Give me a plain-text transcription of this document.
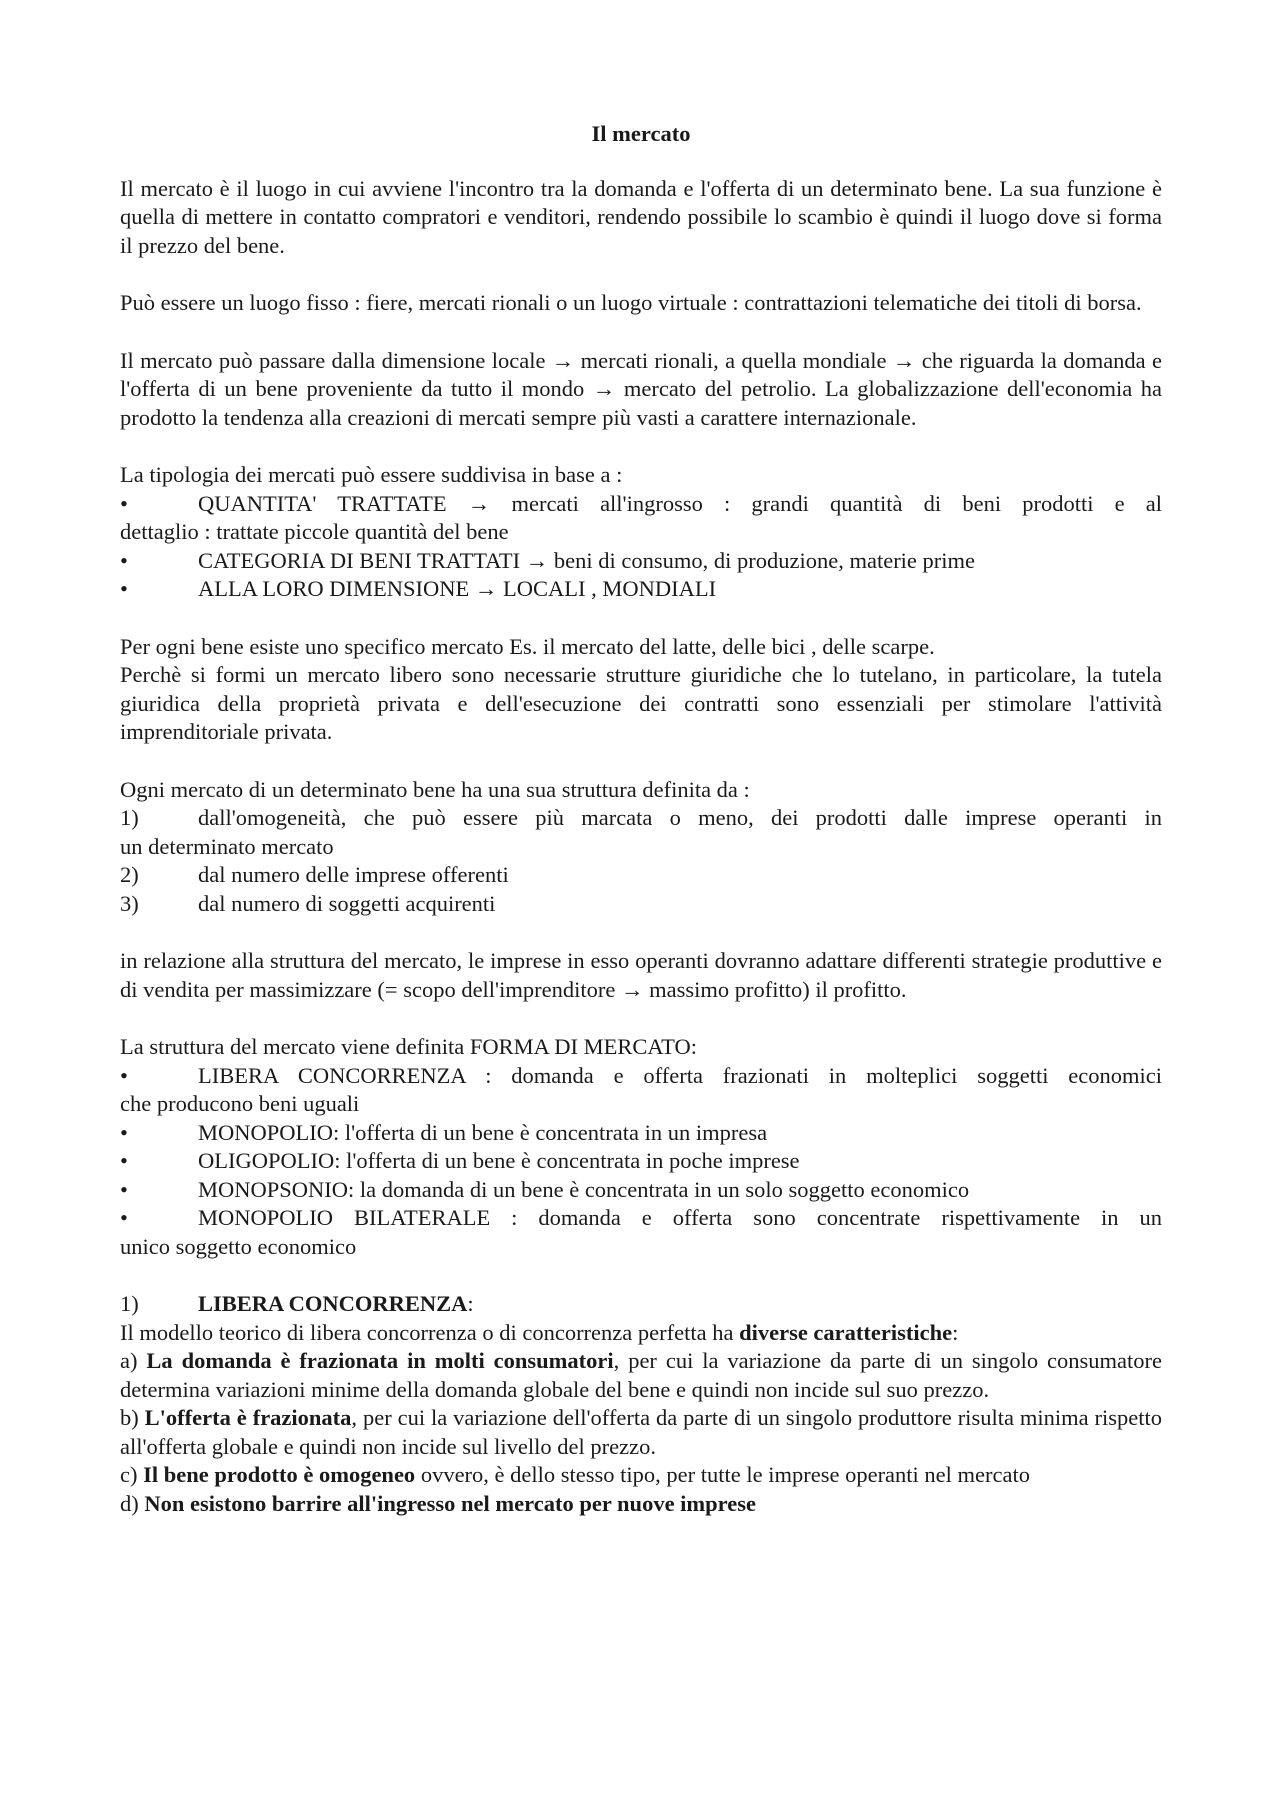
Il mercato

Il mercato è il luogo in cui avviene l'incontro tra la domanda e l'offerta di un determinato bene. La sua funzione è quella di mettere in contatto compratori e venditori, rendendo possibile lo scambio è quindi il luogo dove si forma il prezzo del bene.

Può essere un luogo fisso : fiere, mercati rionali o un luogo virtuale : contrattazioni telematiche dei titoli di borsa.

Il mercato può passare dalla dimensione locale → mercati rionali, a quella mondiale → che riguarda la domanda e l'offerta di un bene proveniente da tutto il mondo → mercato del petrolio. La globalizzazione dell'economia ha prodotto la tendenza alla creazioni di mercati sempre più vasti a carattere internazionale.

La tipologia dei mercati può essere suddivisa in base a :

•	QUANTITA' TRATTATE → mercati all'ingrosso : grandi quantità di beni prodotti e al

dettaglio : trattate piccole quantità del bene

•	CATEGORIA DI BENI TRATTATI → beni di consumo, di produzione, materie prime
•	ALLA LORO DIMENSIONE → LOCALI , MONDIALI

Per ogni bene esiste uno specifico mercato Es. il mercato del latte, delle bici , delle scarpe.

Perchè si formi un mercato libero sono necessarie strutture giuridiche che lo tutelano, in particolare, la tutela giuridica della proprietà privata e dell'esecuzione dei contratti sono essenziali per stimolare l'attività imprenditoriale privata.

Ogni mercato di un determinato bene ha una sua struttura definita da :

1)	dall'omogeneità, che può essere più marcata o meno, dei prodotti dalle imprese operanti in

un determinato mercato

2)	dal numero delle imprese offerenti
3)	dal numero di soggetti acquirenti

in relazione alla struttura del mercato, le imprese in esso operanti dovranno adattare differenti strategie produttive e di vendita per massimizzare (= scopo dell'imprenditore → massimo profitto) il profitto.

La struttura del mercato viene definita FORMA DI MERCATO:

•	LIBERA CONCORRENZA : domanda e offerta frazionati in molteplici soggetti economici

che producono beni uguali

•	MONOPOLIO: l'offerta di un bene è concentrata in un impresa
•	OLIGOPOLIO: l'offerta di un bene è concentrata in poche imprese
•	MONOPSONIO: la domanda di un bene è concentrata in un solo soggetto economico
•	MONOPOLIO BILATERALE : domanda e offerta sono concentrate rispettivamente in un

unico soggetto economico

1)	LIBERA CONCORRENZA:

Il modello teorico di libera concorrenza o di concorrenza perfetta ha diverse caratteristiche:

a) La domanda è frazionata in molti consumatori, per cui la variazione da parte di un singolo consumatore determina variazioni minime della domanda globale del bene e quindi non incide sul suo prezzo.

b) L'offerta è frazionata, per cui la variazione dell'offerta da parte di un singolo produttore risulta minima rispetto all'offerta globale e quindi non incide sul livello del prezzo.

c) Il bene prodotto è omogeneo ovvero, è dello stesso tipo, per tutte le imprese operanti nel mercato

d) Non esistono barrire all'ingresso nel mercato per nuove imprese
